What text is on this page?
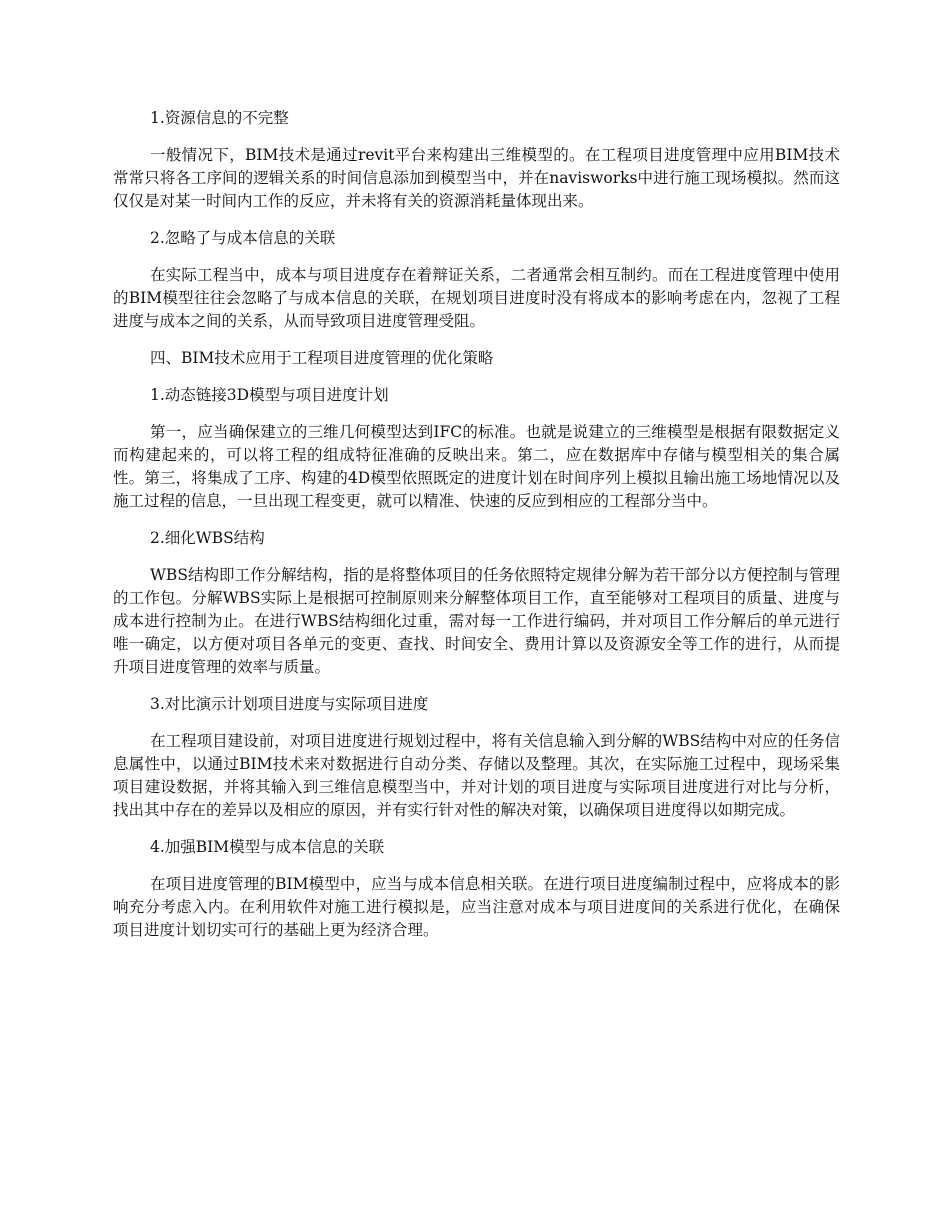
1.资源信息的不完整

一般情况下，BIM技术是通过revit平台来构建出三维模型的。在工程项目进度管理中应用BIM技术常常只将各工序间的逻辑关系的时间信息添加到模型当中，并在navisworks中进行施工现场模拟。然而这仅仅是对某一时间内工作的反应，并未将有关的资源消耗量体现出来。

2.忽略了与成本信息的关联

在实际工程当中，成本与项目进度存在着辩证关系，二者通常会相互制约。而在工程进度管理中使用的BIM模型往往会忽略了与成本信息的关联，在规划项目进度时没有将成本的影响考虑在内，忽视了工程进度与成本之间的关系，从而导致项目进度管理受阻。

四、BIM技术应用于工程项目进度管理的优化策略

1.动态链接3D模型与项目进度计划

第一，应当确保建立的三维几何模型达到IFC的标准。也就是说建立的三维模型是根据有限数据定义而构建起来的，可以将工程的组成特征准确的反映出来。第二，应在数据库中存储与模型相关的集合属性。第三，将集成了工序、构建的4D模型依照既定的进度计划在时间序列上模拟且输出施工场地情况以及施工过程的信息，一旦出现工程变更，就可以精准、快速的反应到相应的工程部分当中。

2.细化WBS结构

WBS结构即工作分解结构，指的是将整体项目的任务依照特定规律分解为若干部分以方便控制与管理的工作包。分解WBS实际上是根据可控制原则来分解整体项目工作，直至能够对工程项目的质量、进度与成本进行控制为止。在进行WBS结构细化过重，需对每一工作进行编码，并对项目工作分解后的单元进行唯一确定，以方便对项目各单元的变更、查找、时间安全、费用计算以及资源安全等工作的进行，从而提升项目进度管理的效率与质量。

3.对比演示计划项目进度与实际项目进度

在工程项目建设前，对项目进度进行规划过程中，将有关信息输入到分解的WBS结构中对应的任务信息属性中，以通过BIM技术来对数据进行自动分类、存储以及整理。其次，在实际施工过程中，现场采集项目建设数据，并将其输入到三维信息模型当中，并对计划的项目进度与实际项目进度进行对比与分析，找出其中存在的差异以及相应的原因，并有实行针对性的解决对策，以确保项目进度得以如期完成。

4.加强BIM模型与成本信息的关联

在项目进度管理的BIM模型中，应当与成本信息相关联。在进行项目进度编制过程中，应将成本的影响充分考虑入内。在利用软件对施工进行模拟是，应当注意对成本与项目进度间的关系进行优化，在确保项目进度计划切实可行的基础上更为经济合理。
